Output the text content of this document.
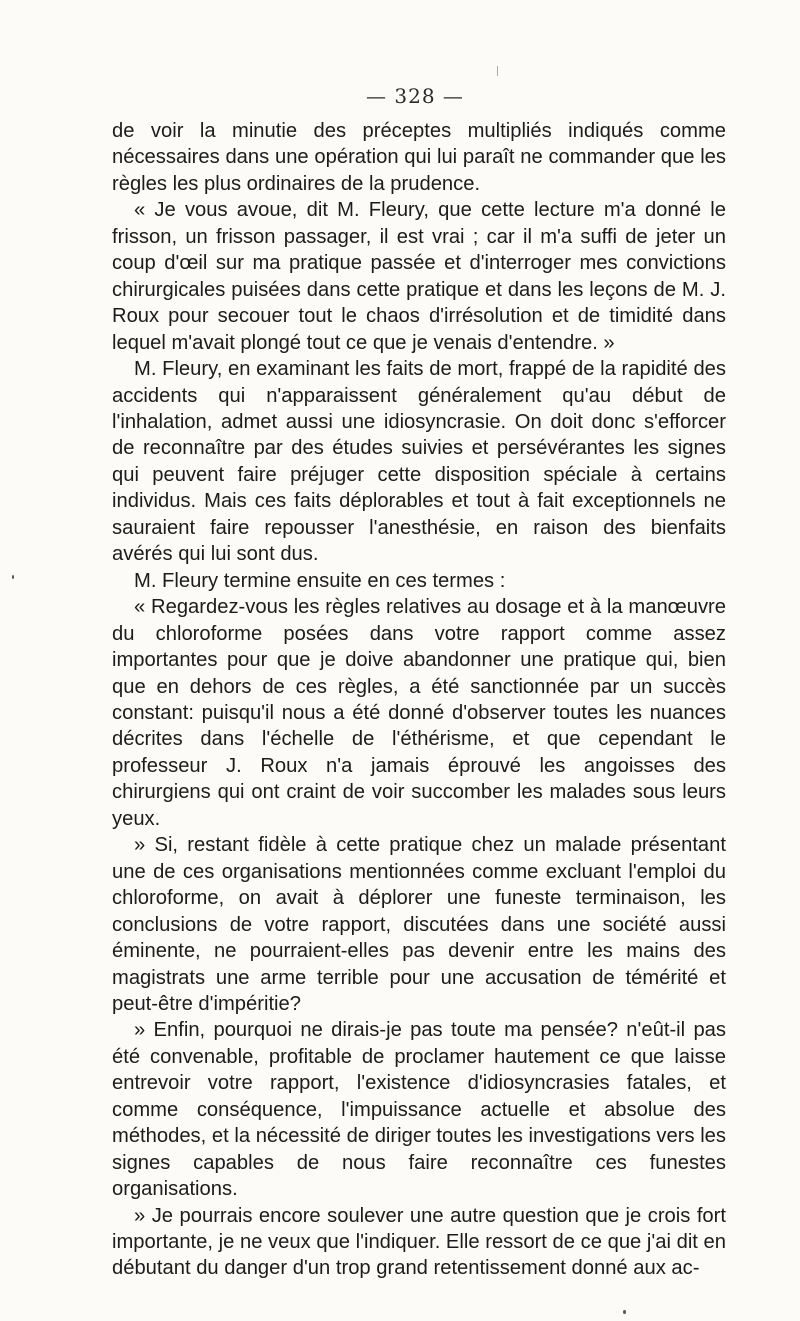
— 328 —

de voir la minutie des préceptes multipliés indiqués comme nécessaires dans une opération qui lui paraît ne commander que les règles les plus ordinaires de la prudence.

« Je vous avoue, dit M. Fleury, que cette lecture m'a donné le frisson, un frisson passager, il est vrai ; car il m'a suffi de jeter un coup d'œil sur ma pratique passée et d'interroger mes convictions chirurgicales puisées dans cette pratique et dans les leçons de M. J. Roux pour secouer tout le chaos d'irrésolution et de timidité dans lequel m'avait plongé tout ce que je venais d'entendre. »

M. Fleury, en examinant les faits de mort, frappé de la rapidité des accidents qui n'apparaissent généralement qu'au début de l'inhalation, admet aussi une idiosyncrasie. On doit donc s'efforcer de reconnaître par des études suivies et persévérantes les signes qui peuvent faire préjuger cette disposition spéciale à certains individus. Mais ces faits déplorables et tout à fait exceptionnels ne sauraient faire repousser l'anesthésie, en raison des bienfaits avérés qui lui sont dus.

M. Fleury termine ensuite en ces termes :

« Regardez-vous les règles relatives au dosage et à la manœuvre du chloroforme posées dans votre rapport comme assez importantes pour que je doive abandonner une pratique qui, bien que en dehors de ces règles, a été sanctionnée par un succès constant: puisqu'il nous a été donné d'observer toutes les nuances décrites dans l'échelle de l'éthérisme, et que cependant le professeur J. Roux n'a jamais éprouvé les angoisses des chirurgiens qui ont craint de voir succomber les malades sous leurs yeux.

» Si, restant fidèle à cette pratique chez un malade présentant une de ces organisations mentionnées comme excluant l'emploi du chloroforme, on avait à déplorer une funeste terminaison, les conclusions de votre rapport, discutées dans une société aussi éminente, ne pourraient-elles pas devenir entre les mains des magistrats une arme terrible pour une accusation de témérité et peut-être d'impéritie?

» Enfin, pourquoi ne dirais-je pas toute ma pensée? n'eût-il pas été convenable, profitable de proclamer hautement ce que laisse entrevoir votre rapport, l'existence d'idiosyncrasies fatales, et comme conséquence, l'impuissance actuelle et absolue des méthodes, et la nécessité de diriger toutes les investigations vers les signes capables de nous faire reconnaître ces funestes organisations.

» Je pourrais encore soulever une autre question que je crois fort importante, je ne veux que l'indiquer. Elle ressort de ce que j'ai dit en débutant du danger d'un trop grand retentissement donné aux ac-
